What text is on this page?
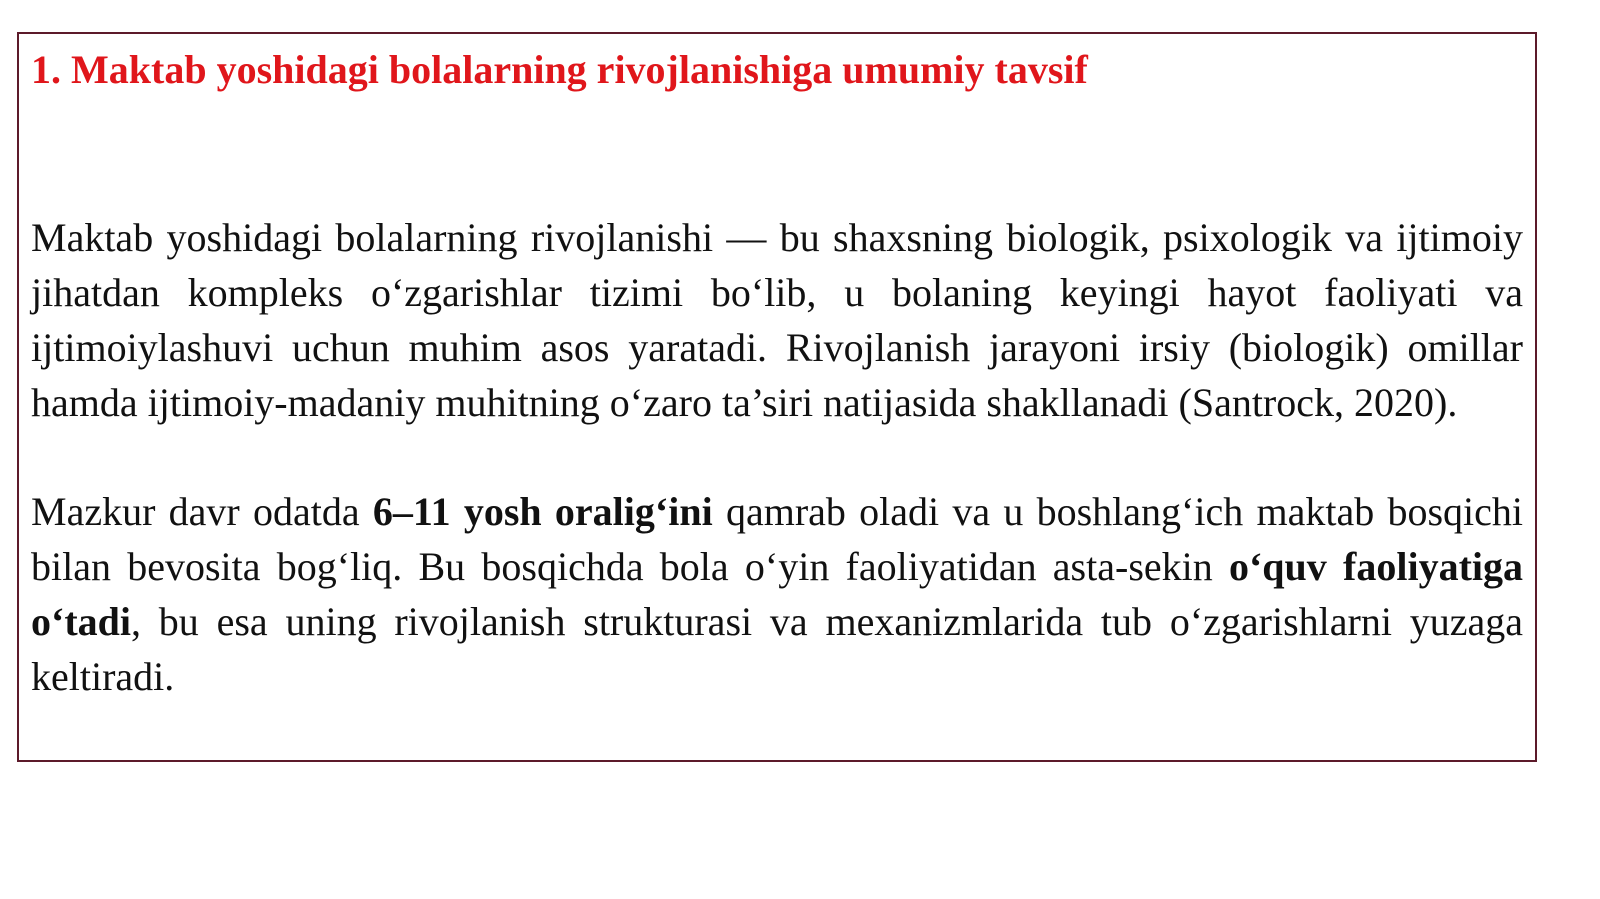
1. Maktab yoshidagi bolalarning rivojlanishiga umumiy tavsif

Maktab yoshidagi bolalarning rivojlanishi — bu shaxsning biologik, psixologik va ijtimoiy jihatdan kompleks o‘zgarishlar tizimi bo‘lib, u bolaning keyingi hayot faoliyati va ijtimoiylashuvi uchun muhim asos yaratadi. Rivojlanish jarayoni irsiy (biologik) omillar hamda ijtimoiy-madaniy muhitning o‘zaro ta’siri natijasida shakllanadi (Santrock, 2020).

Mazkur davr odatda 6–11 yosh oralig‘ini qamrab oladi va u boshlang‘ich maktab bosqichi bilan bevosita bog‘liq. Bu bosqichda bola o‘yin faoliyatidan asta-sekin o‘quv faoliyatiga o‘tadi, bu esa uning rivojlanish strukturasi va mexanizmlarida tub o‘zgarishlarni yuzaga keltiradi.
